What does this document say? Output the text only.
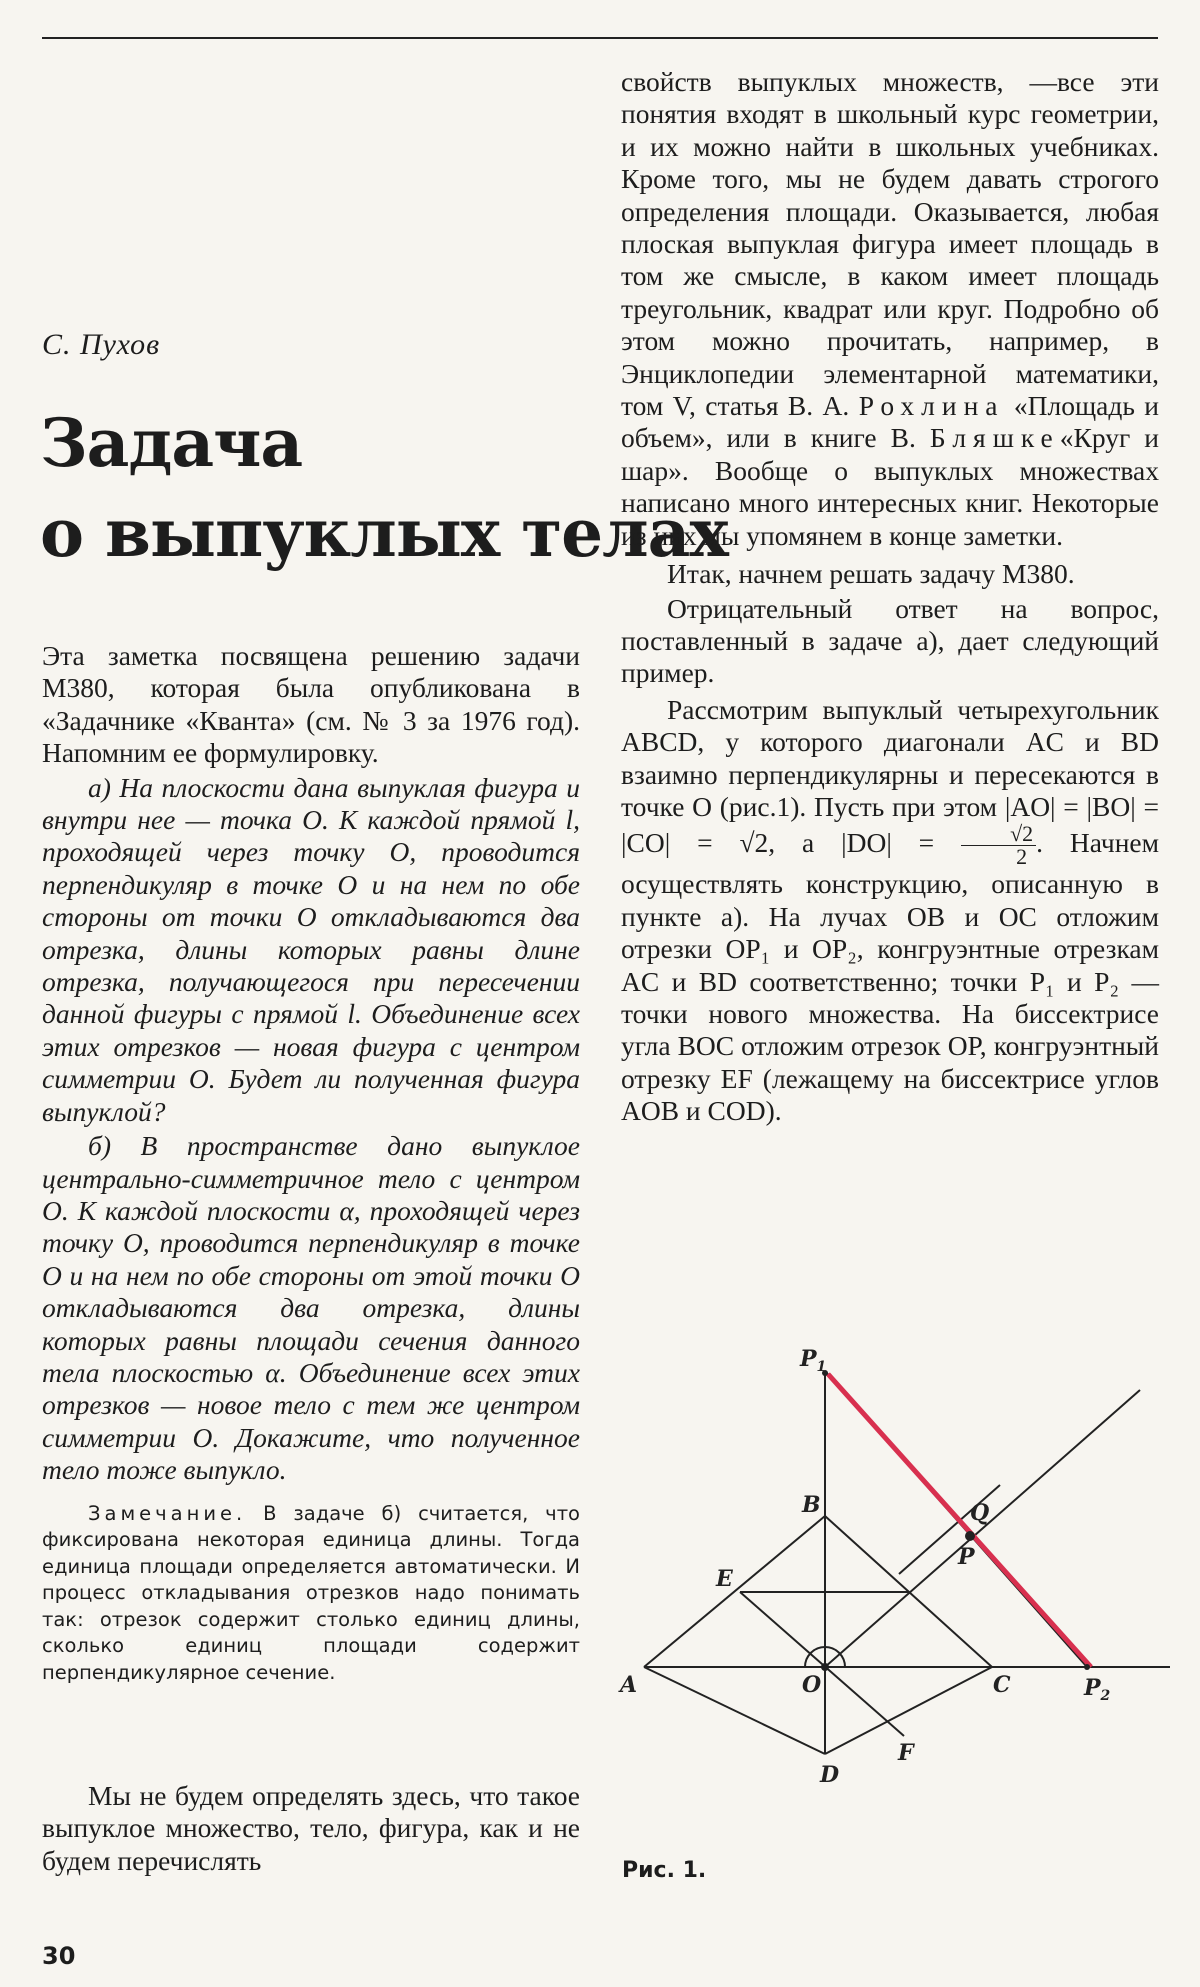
С. Пухов
Задача
о выпуклых телах

Эта заметка посвящена решению задачи М380, которая была опубликована в «Задачнике «Кванта» (см. № 3 за 1976 год). Напомним ее формулировку.

а) На плоскости дана выпуклая фигура и внутри нее — точка О. К каждой прямой l, проходящей через точку О, проводится перпендикуляр в точке О и на нем по обе стороны от точки О откладываются два отрезка, длины которых равны длине отрезка, получающегося при пересечении данной фигуры с прямой l. Объединение всех этих отрезков — новая фигура с центром симметрии О. Будет ли полученная фигура выпуклой?

б) В пространстве дано выпуклое центрально-симметричное тело с центром О. К каждой плоскости α, проходящей через точку О, проводится перпендикуляр в точке О и на нем по обе стороны от этой точки О откладываются два отрезка, длины которых равны площади сечения данного тела плоскостью α. Объединение всех этих отрезков — новое тело с тем же центром симметрии О. Докажите, что полученное тело тоже выпукло.

Замечание. В задаче б) считается, что фиксирована некоторая единица длины. Тогда единица площади определяется автоматически. И процесс откладывания отрезков надо понимать так: отрезок содержит столько единиц длины, сколько единиц площади содержит перпендикулярное сечение.

Мы не будем определять здесь, что такое выпуклое множество, тело, фигура, как и не будем перечислять

свойств выпуклых множеств, —все эти понятия входят в школьный курс геометрии, и их можно найти в школьных учебниках. Кроме того, мы не будем давать строгого определения площади. Оказывается, любая плоская выпуклая фигура имеет площадь в том же смысле, в каком имеет площадь треугольник, квадрат или круг. Подробно об этом можно прочитать, например, в Энциклопедии элементарной математики, том V, статья В. А. Рохлина «Площадь и объем», или в книге В. Бляшке«Круг и шар». Вообще о выпуклых множествах написано много интересных книг. Некоторые из них мы упомянем в конце заметки.

Итак, начнем решать задачу М380.

Отрицательный ответ на вопрос, поставленный в задаче а), дает следующий пример.

Рассмотрим выпуклый четырехугольник ABCD, у которого диагонали AC и BD взаимно перпендикулярны и пересекаются в точке O (рис.1). Пусть при этом |AO| = |BO| = |CO| = √2, а $|DO| = \frac{√2}{2}$ . Начнем осуществлять конструкцию, описанную в пункте а). На лучах OB и OC отложим отрезки OP₁ и OP₂, конгруэнтные отрезкам AC и BD соответственно; точки P₁ и P₂ — точки нового множества. На биссектрисе угла BOC отложим отрезок OP, конгруэнтный отрезку EF (лежащему на биссектрисе углов AOB и COD).

$P_1$
$P_2$
Q
P
B
E
A	O	C
F
D
Рис. 1.
30
